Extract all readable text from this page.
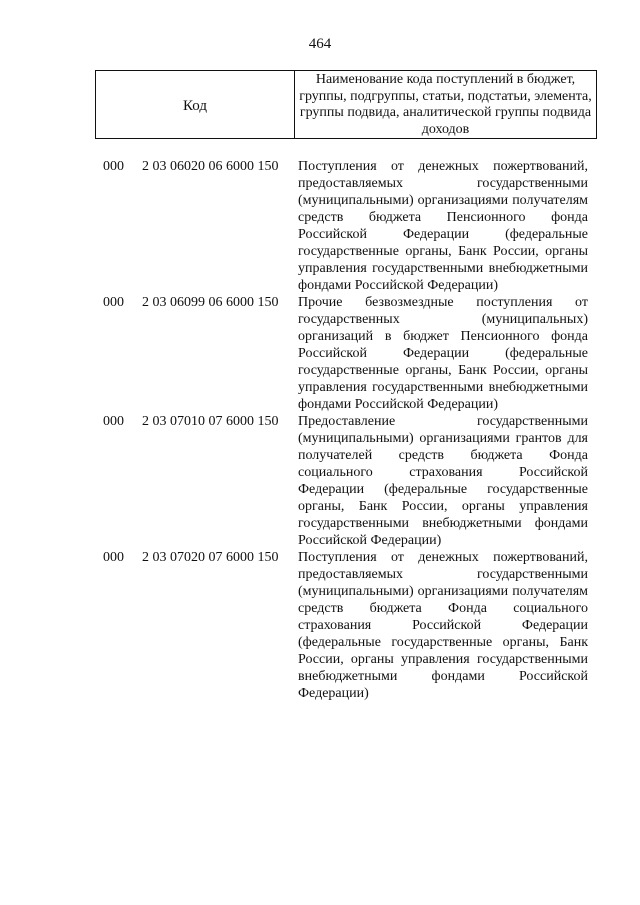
464
Код
Наименование кода поступлений в бюджет, группы, подгруппы, статьи, подстатьи, элемента, группы подвида, аналитической группы подвида доходов
000 2 03 06020 06 6000 150 Поступления от денежных пожертвований, предоставляемых государственными (муниципальными) организациями получателям средств бюджета Пенсионного фонда Российской Федерации (федеральные государственные органы, Банк России, органы управления государственными внебюджетными фондами Российской Федерации)
000 2 03 06099 06 6000 150 Прочие безвозмездные поступления от государственных (муниципальных) организаций в бюджет Пенсионного фонда Российской Федерации (федеральные государственные органы, Банк России, органы управления государственными внебюджетными фондами Российской Федерации)
000 2 03 07010 07 6000 150 Предоставление государственными (муниципальными) организациями грантов для получателей средств бюджета Фонда социального страхования Российской Федерации (федеральные государственные органы, Банк России, органы управления государственными внебюджетными фондами Российской Федерации)
000 2 03 07020 07 6000 150 Поступления от денежных пожертвований, предоставляемых государственными (муниципальными) организациями получателям средств бюджета Фонда социального страхования Российской Федерации (федеральные государственные органы, Банк России, органы управления государственными внебюджетными фондами Российской Федерации)
